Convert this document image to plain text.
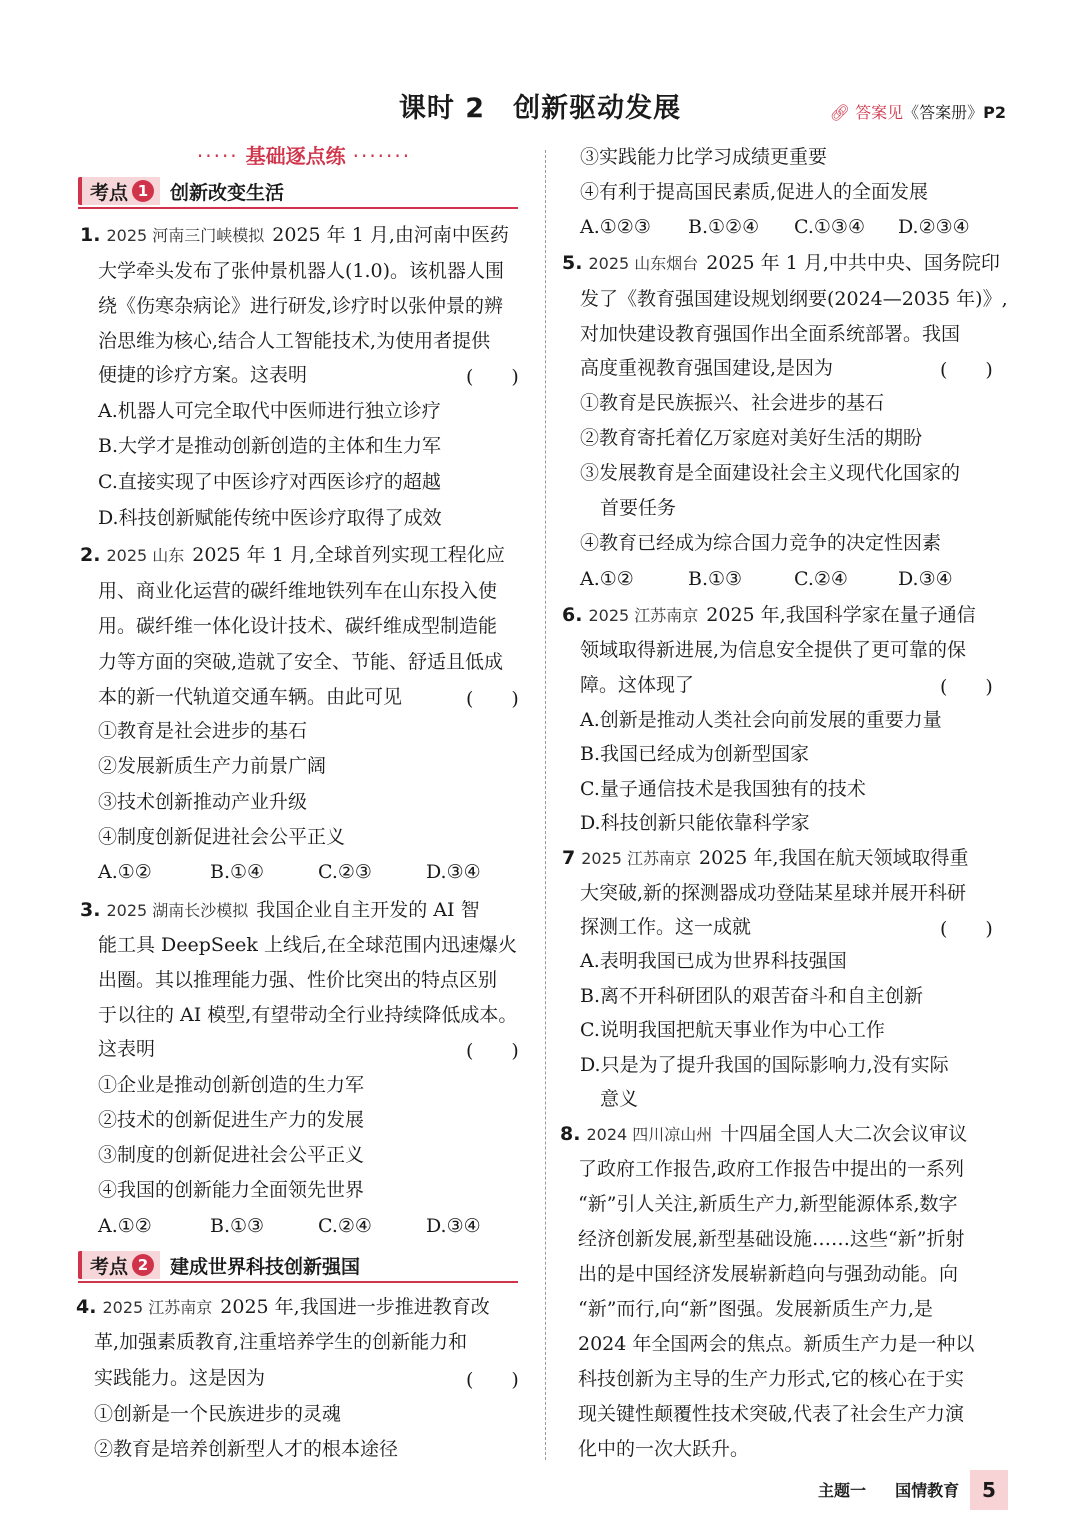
课时 2　创新驱动发展	🔗︎ 答案见《答案册》P2
····· 基础逐点练 ·······
考点 1	创新改变生活
1. 2025 河南三门峡模拟 2025 年 1 月,由河南中医药
大学牵头发布了张仲景机器人(1.0)。该机器人围
绕《伤寒杂病论》进行研发,诊疗时以张仲景的辨
治思维为核心,结合人工智能技术,为使用者提供
便捷的诊疗方案。这表明	(　　)
A.机器人可完全取代中医师进行独立诊疗
B.大学才是推动创新创造的主体和生力军
C.直接实现了中医诊疗对西医诊疗的超越
D.科技创新赋能传统中医诊疗取得了成效
2. 2025 山东 2025 年 1 月,全球首列实现工程化应
用、商业化运营的碳纤维地铁列车在山东投入使
用。碳纤维一体化设计技术、碳纤维成型制造能
力等方面的突破,造就了安全、节能、舒适且低成
本的新一代轨道交通车辆。由此可见	(　　)
①教育是社会进步的基石
②发展新质生产力前景广阔
③技术创新推动产业升级
④制度创新促进社会公平正义
A.①②	B.①④	C.②③	D.③④
3. 2025 湖南长沙模拟 我国企业自主开发的 AI 智
能工具 DeepSeek 上线后,在全球范围内迅速爆火
出圈。其以推理能力强、性价比突出的特点区别
于以往的 AI 模型,有望带动全行业持续降低成本。
这表明	(　　)
①企业是推动创新创造的生力军
②技术的创新促进生产力的发展
③制度的创新促进社会公平正义
④我国的创新能力全面领先世界
A.①②	B.①③	C.②④	D.③④
考点 2	建成世界科技创新强国
4. 2025 江苏南京 2025 年,我国进一步推进教育改
革,加强素质教育,注重培养学生的创新能力和
实践能力。这是因为	(　　)
①创新是一个民族进步的灵魂
②教育是培养创新型人才的根本途径
③实践能力比学习成绩更重要
④有利于提高国民素质,促进人的全面发展
A.①②③ B.①②④ C.①③④ D.②③④
5. 2025 山东烟台 2025 年 1 月,中共中央、国务院印
发了《教育强国建设规划纲要(2024—2035 年)》,
对加快建设教育强国作出全面系统部署。我国
高度重视教育强国建设,是因为	(　　)
①教育是民族振兴、社会进步的基石
②教育寄托着亿万家庭对美好生活的期盼
③发展教育是全面建设社会主义现代化国家的
首要任务
④教育已经成为综合国力竞争的决定性因素
A.①②	B.①③	C.②④	D.③④
6. 2025 江苏南京 2025 年,我国科学家在量子通信
领域取得新进展,为信息安全提供了更可靠的保
障。这体现了	(　　)
A.创新是推动人类社会向前发展的重要力量
B.我国已经成为创新型国家
C.量子通信技术是我国独有的技术
D.科技创新只能依靠科学家
7 2025 江苏南京 2025 年,我国在航天领域取得重
大突破,新的探测器成功登陆某星球并展开科研
探测工作。这一成就	(　　)
A.表明我国已成为世界科技强国
B.离不开科研团队的艰苦奋斗和自主创新
C.说明我国把航天事业作为中心工作
D.只是为了提升我国的国际影响力,没有实际
意义
8. 2024 四川凉山州 十四届全国人大二次会议审议
了政府工作报告,政府工作报告中提出的一系列
“新”引人关注,新质生产力,新型能源体系,数字
经济创新发展,新型基础设施……这些“新”折射
出的是中国经济发展崭新趋向与强劲动能。向
“新”而行,向“新”图强。发展新质生产力,是
2024 年全国两会的焦点。新质生产力是一种以
科技创新为主导的生产力形式,它的核心在于实
现关键性颠覆性技术突破,代表了社会生产力演
化中的一次大跃升。
主题一 国情教育	5
